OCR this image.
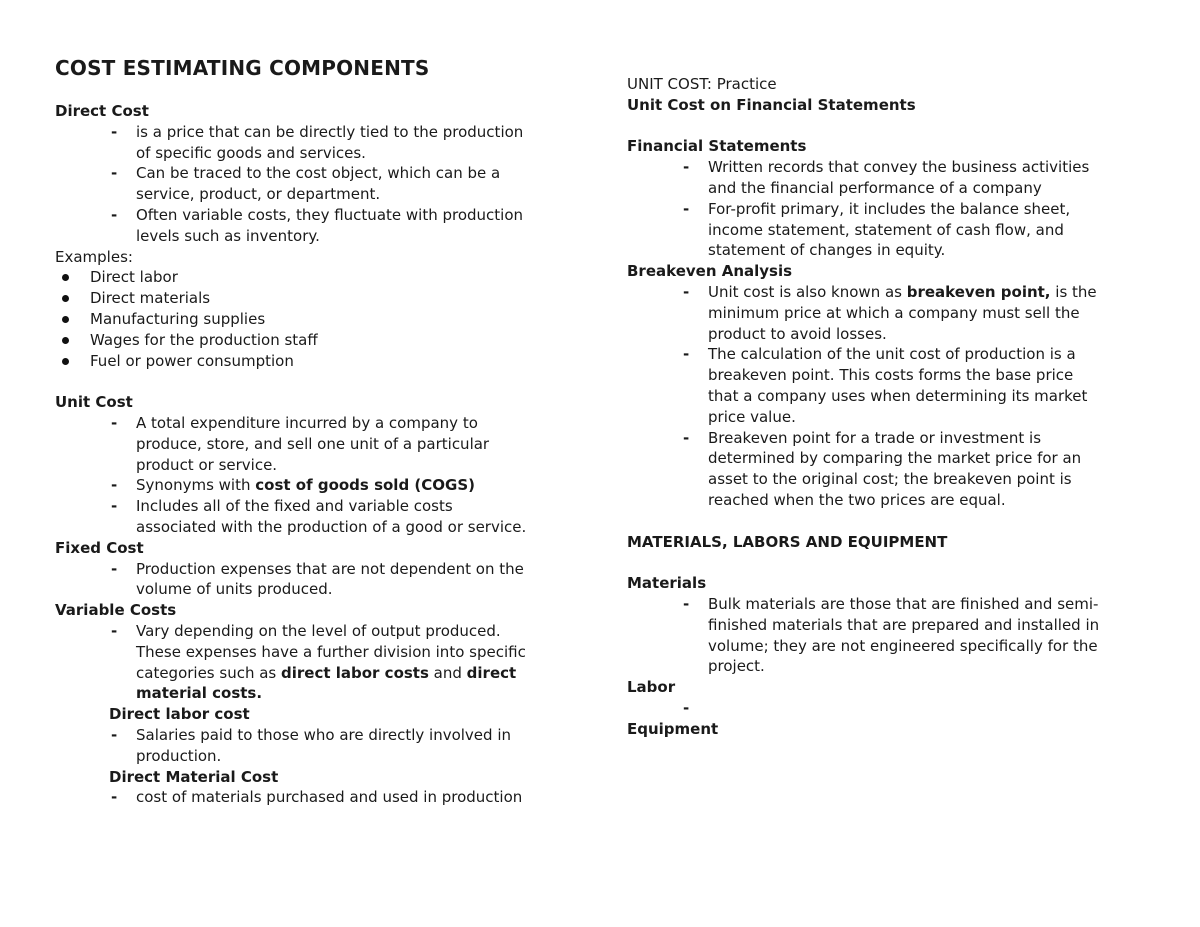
COST ESTIMATING COMPONENTS

Direct Cost

- is a price that can be directly tied to the production
of specific goods and services.
- Can be traced to the cost object, which can be a
service, product, or department.
- Often variable costs, they fluctuate with production
levels such as inventory.

Examples:

Direct labor
Direct materials
Manufacturing supplies
Wages for the production staff
Fuel or power consumption

Unit Cost

- A total expenditure incurred by a company to
produce, store, and sell one unit of a particular
product or service.
- Synonyms with cost of goods sold (COGS)
- Includes all of the fixed and variable costs
associated with the production of a good or service.

Fixed Cost

- Production expenses that are not dependent on the
volume of units produced.

Variable Costs

- Vary depending on the level of output produced.
These expenses have a further division into specific
categories such as direct labor costs and direct
material costs.

Direct labor cost

- Salaries paid to those who are directly involved in
production.

Direct Material Cost

- cost of materials purchased and used in production

UNIT COST: Practice

Unit Cost on Financial Statements

Financial Statements

- Written records that convey the business activities
and the financial performance of a company
- For-profit primary, it includes the balance sheet,
income statement, statement of cash flow, and
statement of changes in equity.

Breakeven Analysis

- Unit cost is also known as breakeven point, is the
minimum price at which a company must sell the
product to avoid losses.
- The calculation of the unit cost of production is a
breakeven point. This costs forms the base price
that a company uses when determining its market
price value.
- Breakeven point for a trade or investment is
determined by comparing the market price for an
asset to the original cost; the breakeven point is
reached when the two prices are equal.

MATERIALS, LABORS AND EQUIPMENT

Materials

- Bulk materials are those that are finished and semi-
finished materials that are prepared and installed in
volume; they are not engineered specifically for the
project.

Labor

-

Equipment
